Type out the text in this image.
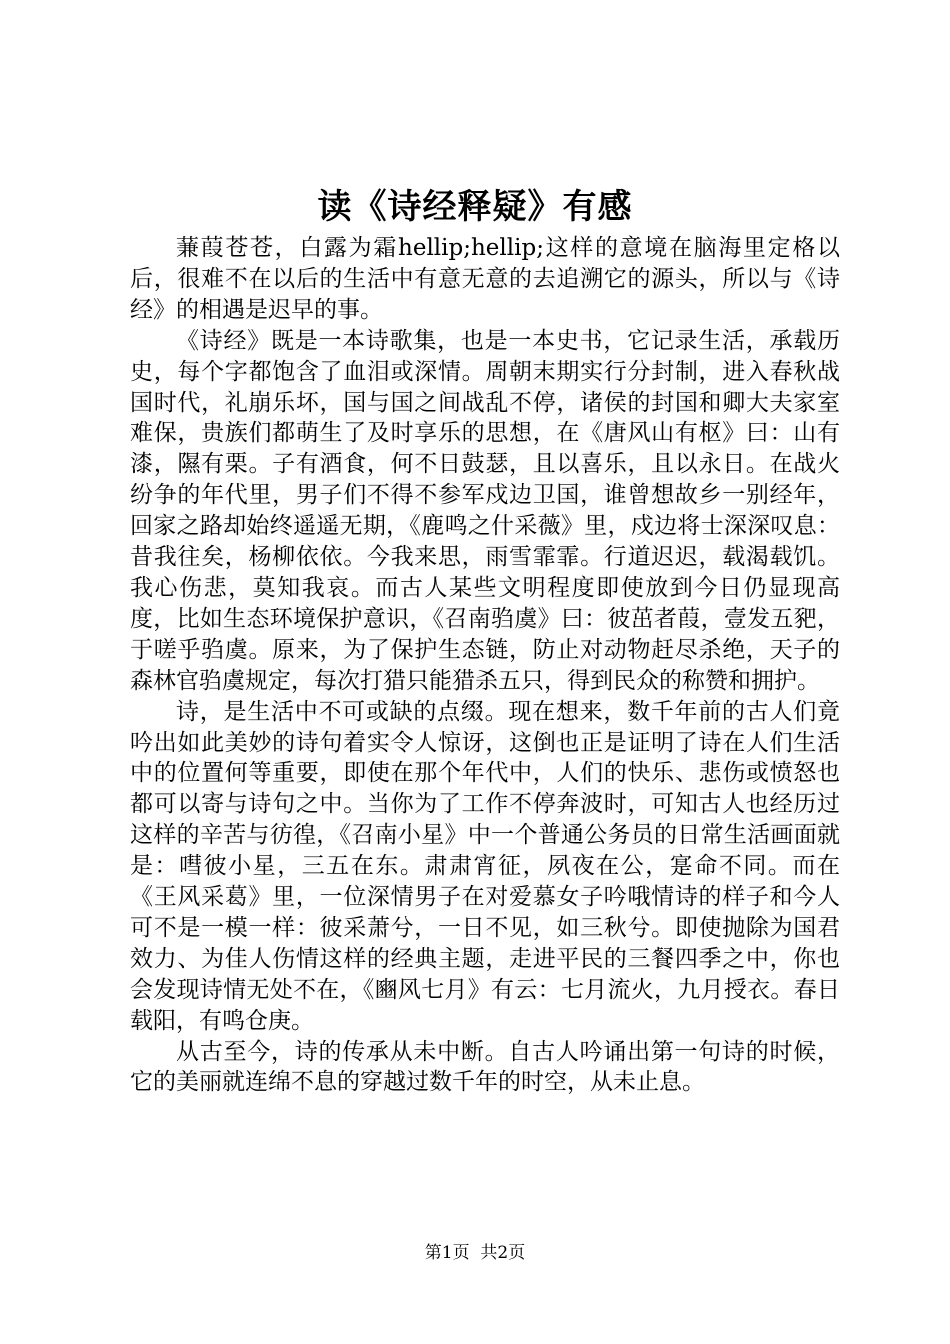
读《诗经释疑》有感

蒹葭苍苍，白露为霜hellip;hellip;这样的意境在脑海里定格以后，很难不在以后的生活中有意无意的去追溯它的源头，所以与《诗经》的相遇是迟早的事。

《诗经》既是一本诗歌集，也是一本史书，它记录生活，承载历史，每个字都饱含了血泪或深情。周朝末期实行分封制，进入春秋战国时代，礼崩乐坏，国与国之间战乱不停，诸侯的封国和卿大夫家室难保，贵族们都萌生了及时享乐的思想，在《唐风山有枢》曰：山有漆，隰有栗。子有酒食，何不日鼓瑟，且以喜乐，且以永日。在战火纷争的年代里，男子们不得不参军戍边卫国，谁曾想故乡一别经年，回家之路却始终遥遥无期，《鹿鸣之什采薇》里，戍边将士深深叹息：昔我往矣，杨柳依依。今我来思，雨雪霏霏。行道迟迟，载渴载饥。我心伤悲，莫知我哀。而古人某些文明程度即使放到今日仍显现高度，比如生态环境保护意识，《召南驺虞》曰：彼茁者葭，壹发五豝，于嗟乎驺虞。原来，为了保护生态链，防止对动物赶尽杀绝，天子的森林官驺虞规定，每次打猎只能猎杀五只，得到民众的称赞和拥护。

诗，是生活中不可或缺的点缀。现在想来，数千年前的古人们竟吟出如此美妙的诗句着实令人惊讶，这倒也正是证明了诗在人们生活中的位置何等重要，即使在那个年代中，人们的快乐、悲伤或愤怒也都可以寄与诗句之中。当你为了工作不停奔波时，可知古人也经历过这样的辛苦与彷徨，《召南小星》中一个普通公务员的日常生活画面就是：嘒彼小星，三五在东。肃肃宵征，夙夜在公，寔命不同。而在《王风采葛》里，一位深情男子在对爱慕女子吟哦情诗的样子和今人可不是一模一样：彼采萧兮，一日不见，如三秋兮。即使抛除为国君效力、为佳人伤情这样的经典主题，走进平民的三餐四季之中，你也会发现诗情无处不在，《豳风七月》有云：七月流火，九月授衣。春日载阳，有鸣仓庚。

从古至今，诗的传承从未中断。自古人吟诵出第一句诗的时候，它的美丽就连绵不息的穿越过数千年的时空，从未止息。

第1页 共2页
